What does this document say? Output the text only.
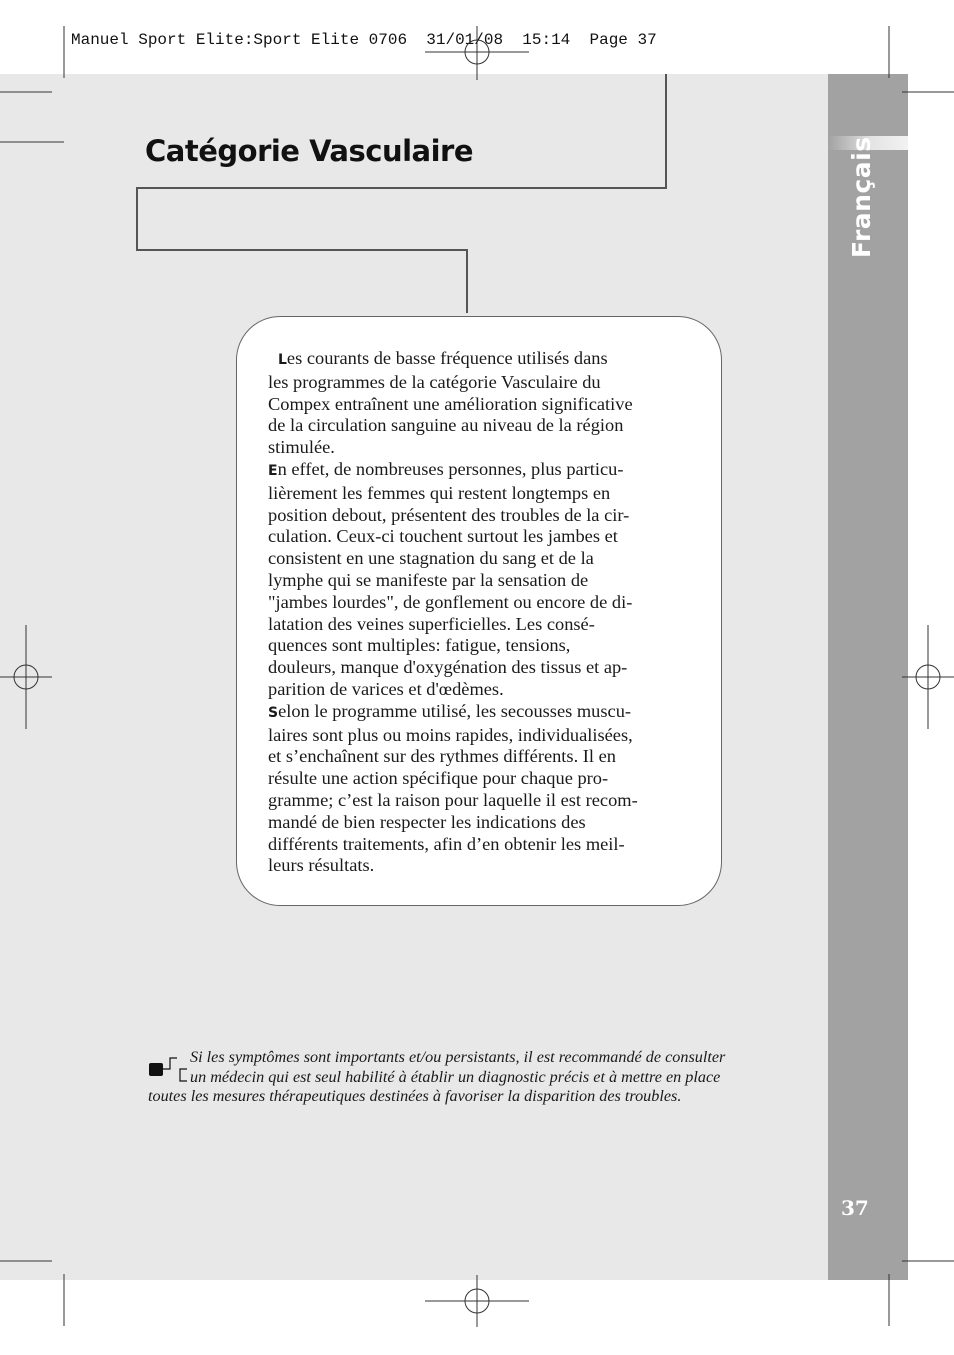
Français
37
Manuel Sport Elite:Sport Elite 0706  31/01/08  15:14  Page 37
Catégorie Vasculaire

Les courants de basse fréquence utilisés dans
les programmes de la catégorie Vasculaire du
Compex entraînent une amélioration significative
de la circulation sanguine au niveau de la région
stimulée.

En effet, de nombreuses personnes, plus particu-
lièrement les femmes qui restent longtemps en
position debout, présentent des troubles de la cir-
culation. Ceux-ci touchent surtout les jambes et
consistent en une stagnation du sang et de la
lymphe qui se manifeste par la sensation de
"jambes lourdes", de gonflement ou encore de di-
latation des veines superficielles. Les consé-
quences sont multiples: fatigue, tensions,
douleurs, manque d'oxygénation des tissus et ap-
parition de varices et d'œdèmes.

Selon le programme utilisé, les secousses muscu-
laires sont plus ou moins rapides, individualisées,
et s’enchaînent sur des rythmes différents. Il en
résulte une action spécifique pour chaque pro-
gramme; c’est la raison pour laquelle il est recom-
mandé de bien respecter les indications des
différents traitements, afin d’en obtenir les meil-
leurs résultats.

Si les symptômes sont importants et/ou persistants, il est recommandé de consulter
un médecin qui est seul habilité à établir un diagnostic précis et à mettre en place
toutes les mesures thérapeutiques destinées à favoriser la disparition des troubles.
